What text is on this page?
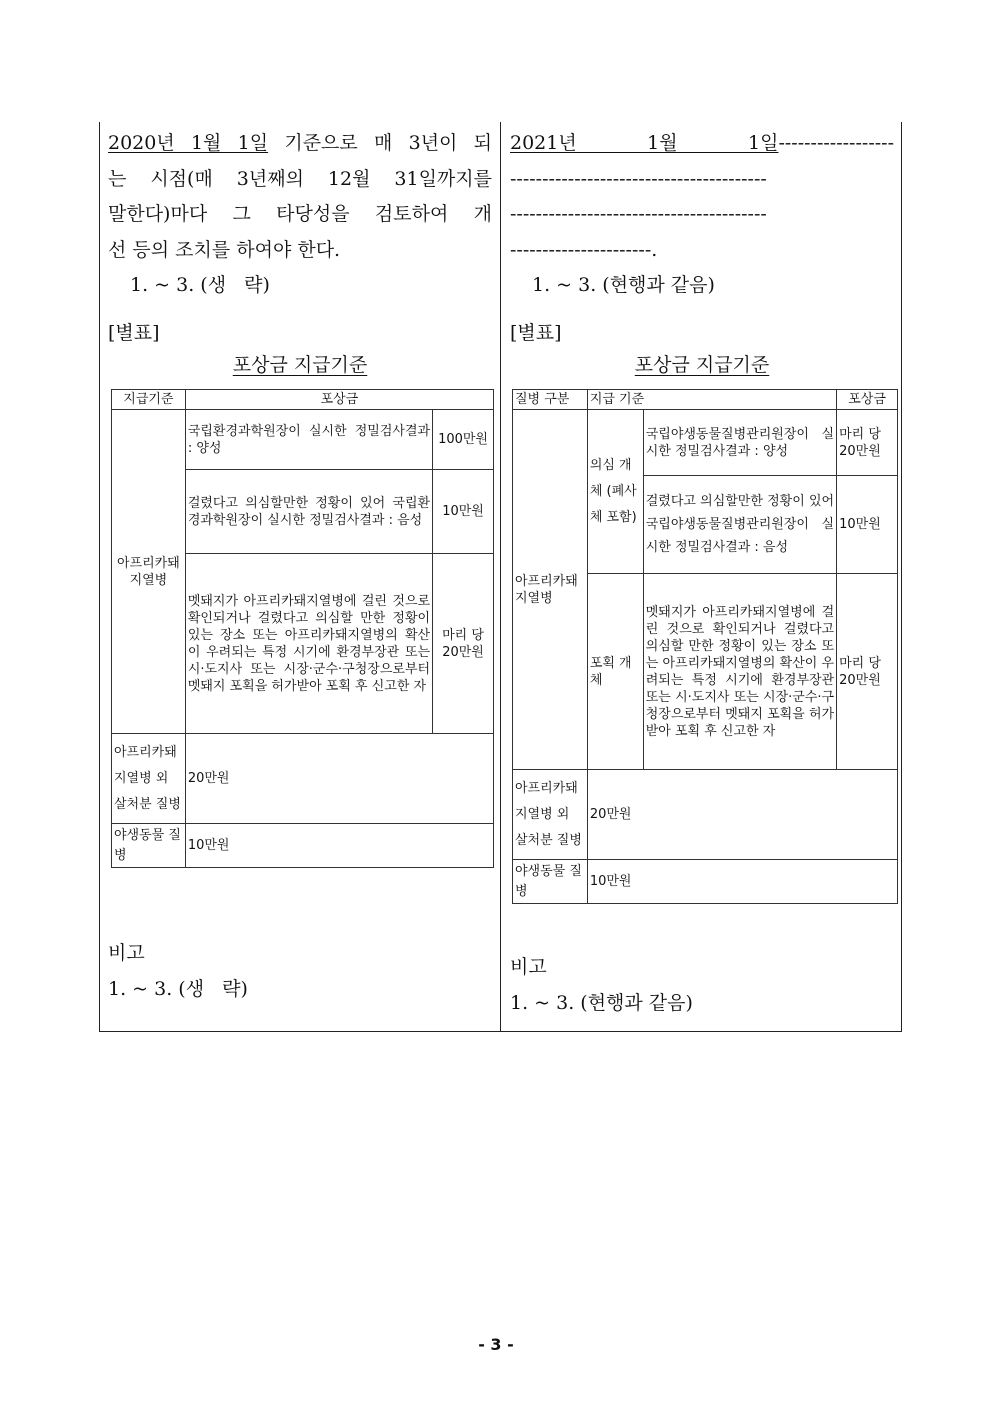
2020년 1월 1일 기준으로 매 3년이 되
는 시점(매 3년째의 12월 31일까지를
말한다)마다 그 타당성을 검토하여 개
선 등의 조치를 하여야 한다.
1. ~ 3. (생   략)
[별표]
포상금 지급기준
지급기준	포상금	
아프리카돼지열병	국립환경과학원장이 실시한 정밀검사결과 : 양성	100만원
	걸렸다고 의심할만한 정황이 있어 국립환경과학원장이 실시한 정밀검사결과 : 음성	10만원
	멧돼지가 아프리카돼지열병에 걸린 것으로 확인되거나 걸렸다고 의심할 만한 정황이 있는 장소 또는 아프리카돼지열병의 확산이 우려되는 특정 시기에 환경부장관 또는 시·도지사 또는 시장·군수·구청장으로부터 멧돼지 포획을 허가받아 포획 후 신고한 자	마리 당 20만원
아프리카돼지열병 외 살처분 질병	20만원	
야생동물 질병	10만원	
비고
1. ~ 3. (생   략)
2021년  1월  1일------------------
----------------------------------------
----------------------------------------
----------------------.
1. ~ 3. (현행과 같음)
[별표]
포상금 지급기준
질병 구분	지급 기준		포상금
아프리카돼지열병	의심 개체 (폐사체 포함)	국립야생동물질병관리원장이 실시한 정밀검사결과 : 양성	마리 당 20만원
		걸렸다고 의심할만한 정황이 있어 국립야생동물질병관리원장이 실시한 정밀검사결과 : 음성	10만원
	포획 개체	멧돼지가 아프리카돼지열병에 걸린 것으로 확인되거나 걸렸다고 의심할 만한 정황이 있는 장소 또는 아프리카돼지열병의 확산이 우려되는 특정 시기에 환경부장관 또는 시·도지사 또는 시장·군수·구청장으로부터 멧돼지 포획을 허가받아 포획 후 신고한 자	마리 당 20만원
아프리카돼지열병 외 살처분 질병	20만원		
야생동물 질병	10만원		
비고
1. ~ 3. (현행과 같음)
- 3 -
